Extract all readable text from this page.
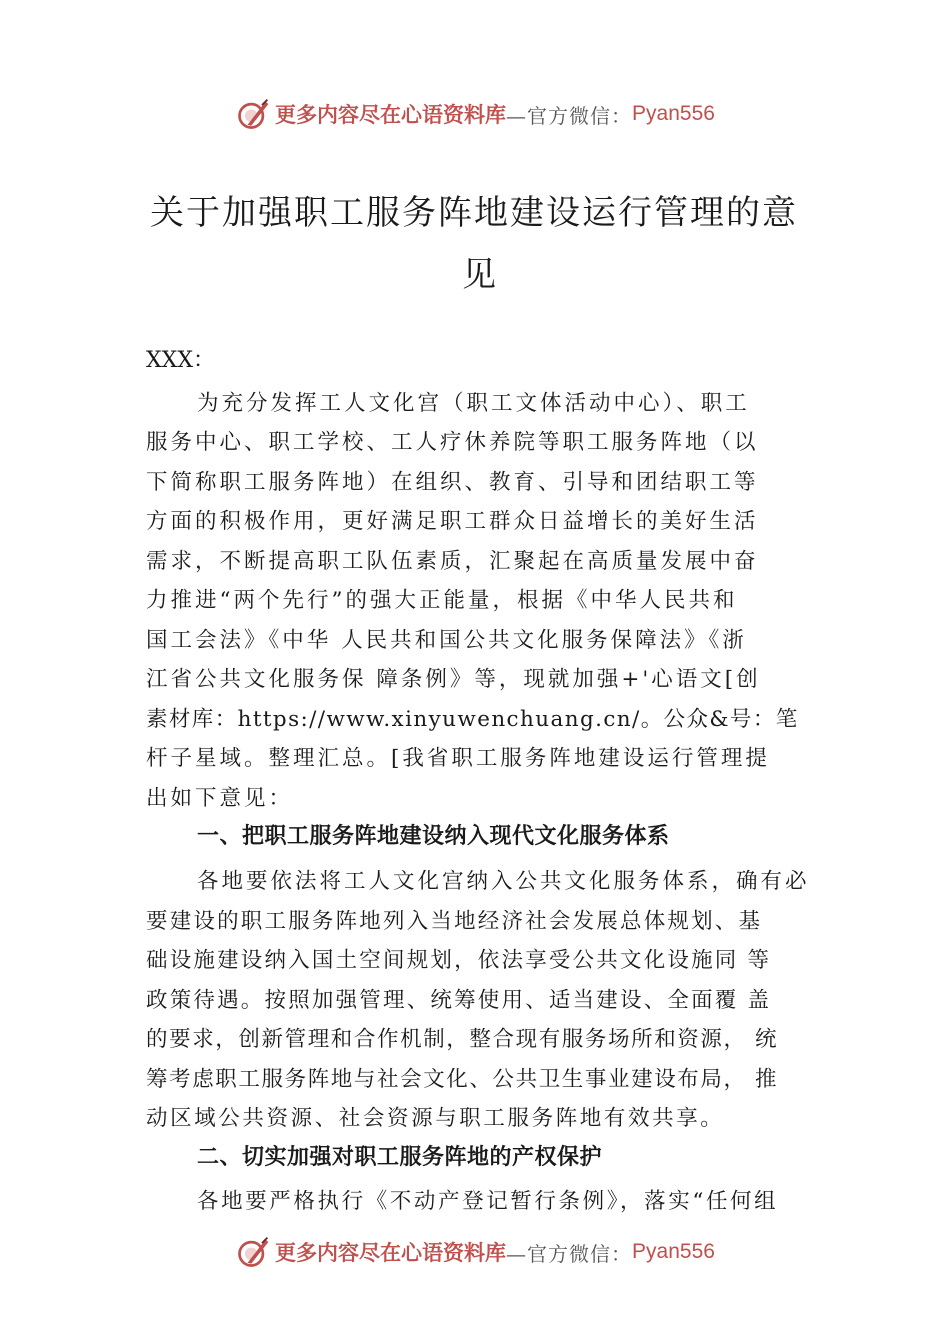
更多内容尽在心语资料库 —官方微信： Pyan556
关于加强职工服务阵地建设运行管理的意
见
XXX：
为充分发挥工人文化宫（职工文体活动中心）、职工
服务中心、职工学校、工人疗休养院等职工服务阵地（以
下简称职工服务阵地）在组织、教育、引导和团结职工等
方面的积极作用，更好满足职工群众日益增长的美好生活
需求，不断提高职工队伍素质，汇聚起在高质量发展中奋
力推进“两个先行”的强大正能量，根据《中华人民共和
国工会法》《中华 人民共和国公共文化服务保障法》《浙
江省公共文化服务保 障条例》等，现就加强+'心语文[创
素材库：https://www.xinyuwenchuang.cn/。公众&号：笔
杆子星域。整理汇总。[我省职工服务阵地建设运行管理提
出如下意见：
一、把职工服务阵地建设纳入现代文化服务体系
各地要依法将工人文化宫纳入公共文化服务体系，确有必
要建设的职工服务阵地列入当地经济社会发展总体规划、基
础设施建设纳入国土空间规划，依法享受公共文化设施同 等
政策待遇。按照加强管理、统筹使用、适当建设、全面覆 盖
的要求，创新管理和合作机制，整合现有服务场所和资源， 统
筹考虑职工服务阵地与社会文化、公共卫生事业建设布局， 推
动区域公共资源、社会资源与职工服务阵地有效共享。
二、切实加强对职工服务阵地的产权保护
各地要严格执行《不动产登记暂行条例》，落实“任何组
更多内容尽在心语资料库 —官方微信： Pyan556
